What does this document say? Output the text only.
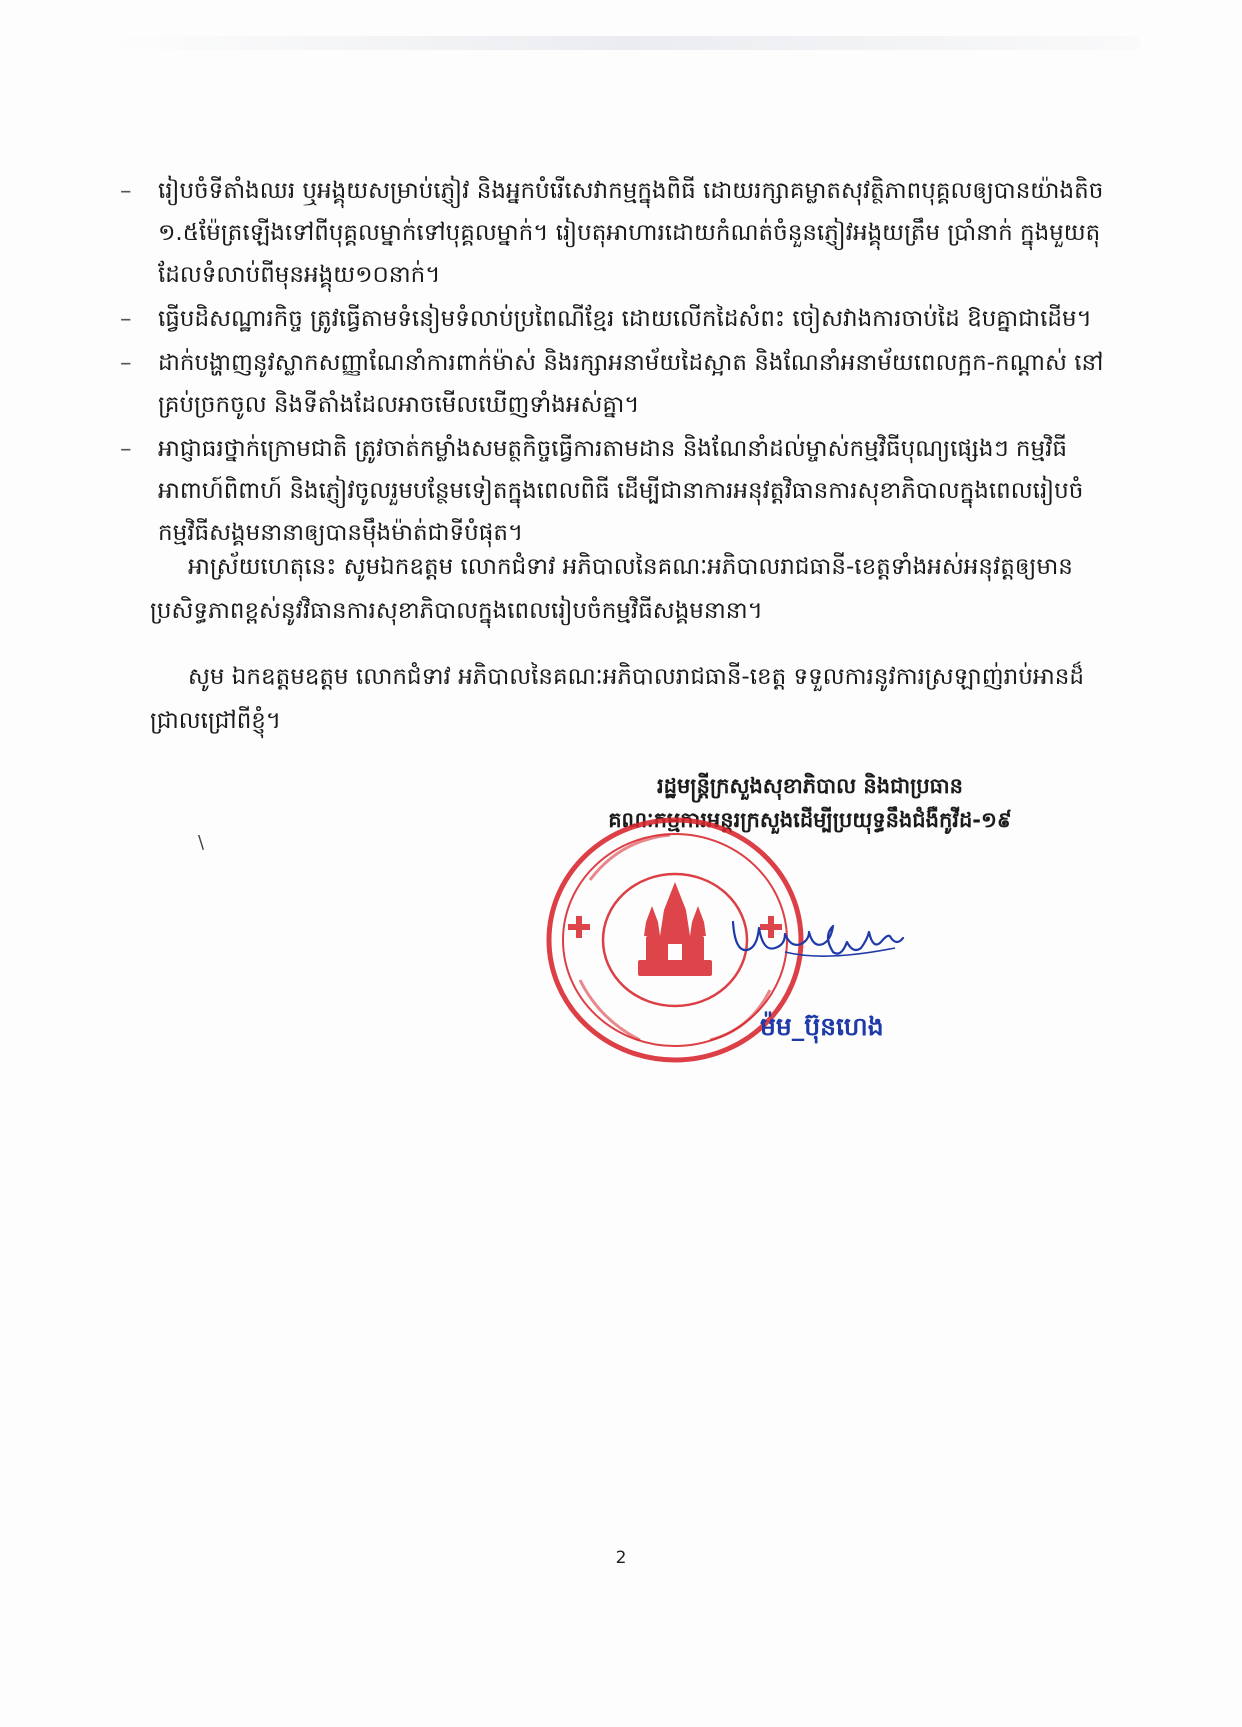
– រៀបចំទីតាំងឈរ ឬអង្គុយសម្រាប់ភ្ញៀវ និងអ្នកបំរើសេវាកម្មក្នុងពិធី ដោយរក្សាគម្លាតសុវត្ថិភាពបុគ្គលឲ្យបានយ៉ាងតិច ១.៥ម៉ែត្រឡើងទៅពីបុគ្គលម្នាក់ទៅបុគ្គលម្នាក់។ រៀបតុអាហារដោយកំណត់ចំនួនភ្ញៀវអង្គុយត្រឹម ប្រាំនាក់ ក្នុងមួយតុ ដែលទំលាប់ពីមុនអង្គុយ១០នាក់។
– ធ្វើបដិសណ្ឋារកិច្ច ត្រូវធ្វើតាមទំនៀមទំលាប់ប្រពៃណីខ្មែរ ដោយលើកដៃសំពះ ចៀសវាងការចាប់ដៃ ឱបគ្នាជាដើម។
– ដាក់បង្ហាញនូវស្លាកសញ្ញាណែនាំការពាក់ម៉ាស់ និងរក្សាអនាម័យដៃស្អាត និងណែនាំអនាម័យពេលក្អក-កណ្តាស់ នៅគ្រប់ច្រកចូល និងទីតាំងដែលអាចមើលឃើញទាំងអស់គ្នា។
– អាជ្ញាធរថ្នាក់ក្រោមជាតិ ត្រូវចាត់កម្លាំងសមត្ថកិច្ចធ្វើការតាមដាន និងណែនាំដល់ម្ចាស់កម្មវិធីបុណ្យផ្សេងៗ កម្មវិធីអាពាហ៍ពិពាហ៍ និងភ្ញៀវចូលរួមបន្ថែមទៀតក្នុងពេលពិធី ដើម្បីជានាការអនុវត្តវិធានការសុខាភិបាលក្នុងពេលរៀបចំកម្មវិធីសង្គមនានាឲ្យបានម៉ឹងម៉ាត់ជាទីបំផុត។

អាស្រ័យហេតុនេះ សូមឯកឧត្តម លោកជំទាវ អភិបាលនៃគណៈអភិបាលរាជធានី-ខេត្តទាំងអស់អនុវត្តឲ្យមានប្រសិទ្ធភាពខ្ពស់នូវវិធានការសុខាភិបាលក្នុងពេលរៀបចំកម្មវិធីសង្គមនានា។

សូម ឯកឧត្តមឧត្តម លោកជំទាវ អភិបាលនៃគណៈអភិបាលរាជធានី-ខេត្ត ទទួលការនូវការស្រឡាញ់រាប់អានដ៏ជ្រាលជ្រៅពីខ្ញុំ។

រដ្ឋមន្ត្រីក្រសួងសុខាភិបាល និងជាប្រធាន
គណៈកម្មការអន្តរក្រសួងដើម្បីប្រយុទ្ធនឹងជំងឺកូវីដ-១៩
\
ម៉ម_ប៊ុនហេង
2
